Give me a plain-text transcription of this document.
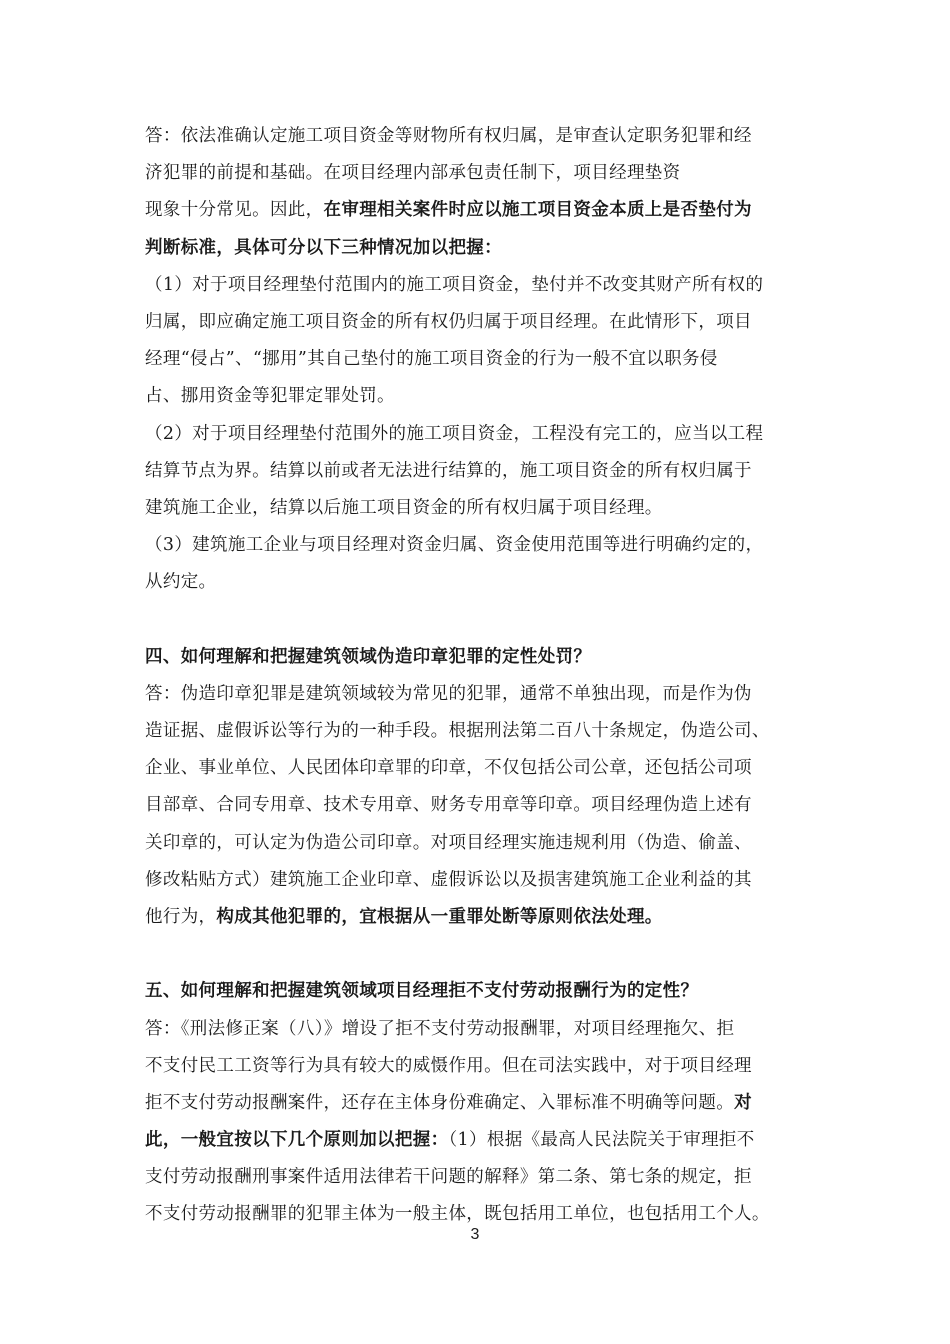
答：依法准确认定施工项目资金等财物所有权归属，是审查认定职务犯罪和经
济犯罪的前提和基础。在项目经理内部承包责任制下，项目经理垫资
现象十分常见。因此，在审理相关案件时应以施工项目资金本质上是否垫付为
判断标准，具体可分以下三种情况加以把握：
（1）对于项目经理垫付范围内的施工项目资金，垫付并不改变其财产所有权的
归属，即应确定施工项目资金的所有权仍归属于项目经理。在此情形下，项目
经理“侵占”、“挪用”其自己垫付的施工项目资金的行为一般不宜以职务侵
占、挪用资金等犯罪定罪处罚。
（2）对于项目经理垫付范围外的施工项目资金，工程没有完工的，应当以工程
结算节点为界。结算以前或者无法进行结算的，施工项目资金的所有权归属于
建筑施工企业，结算以后施工项目资金的所有权归属于项目经理。
（3）建筑施工企业与项目经理对资金归属、资金使用范围等进行明确约定的，
从约定。
四、如何理解和把握建筑领域伪造印章犯罪的定性处罚？
答：伪造印章犯罪是建筑领域较为常见的犯罪，通常不单独出现，而是作为伪
造证据、虚假诉讼等行为的一种手段。根据刑法第二百八十条规定，伪造公司、
企业、事业单位、人民团体印章罪的印章，不仅包括公司公章，还包括公司项
目部章、合同专用章、技术专用章、财务专用章等印章。项目经理伪造上述有
关印章的，可认定为伪造公司印章。对项目经理实施违规利用（伪造、偷盖、
修改粘贴方式）建筑施工企业印章、虚假诉讼以及损害建筑施工企业利益的其
他行为，构成其他犯罪的，宜根据从一重罪处断等原则依法处理。
五、如何理解和把握建筑领域项目经理拒不支付劳动报酬行为的定性？
答：《刑法修正案（八）》增设了拒不支付劳动报酬罪，对项目经理拖欠、拒
不支付民工工资等行为具有较大的威慑作用。但在司法实践中，对于项目经理
拒不支付劳动报酬案件，还存在主体身份难确定、入罪标准不明确等问题。对
此，一般宜按以下几个原则加以把握：（1）根据《最高人民法院关于审理拒不
支付劳动报酬刑事案件适用法律若干问题的解释》第二条、第七条的规定，拒
不支付劳动报酬罪的犯罪主体为一般主体，既包括用工单位，也包括用工个人。
3
